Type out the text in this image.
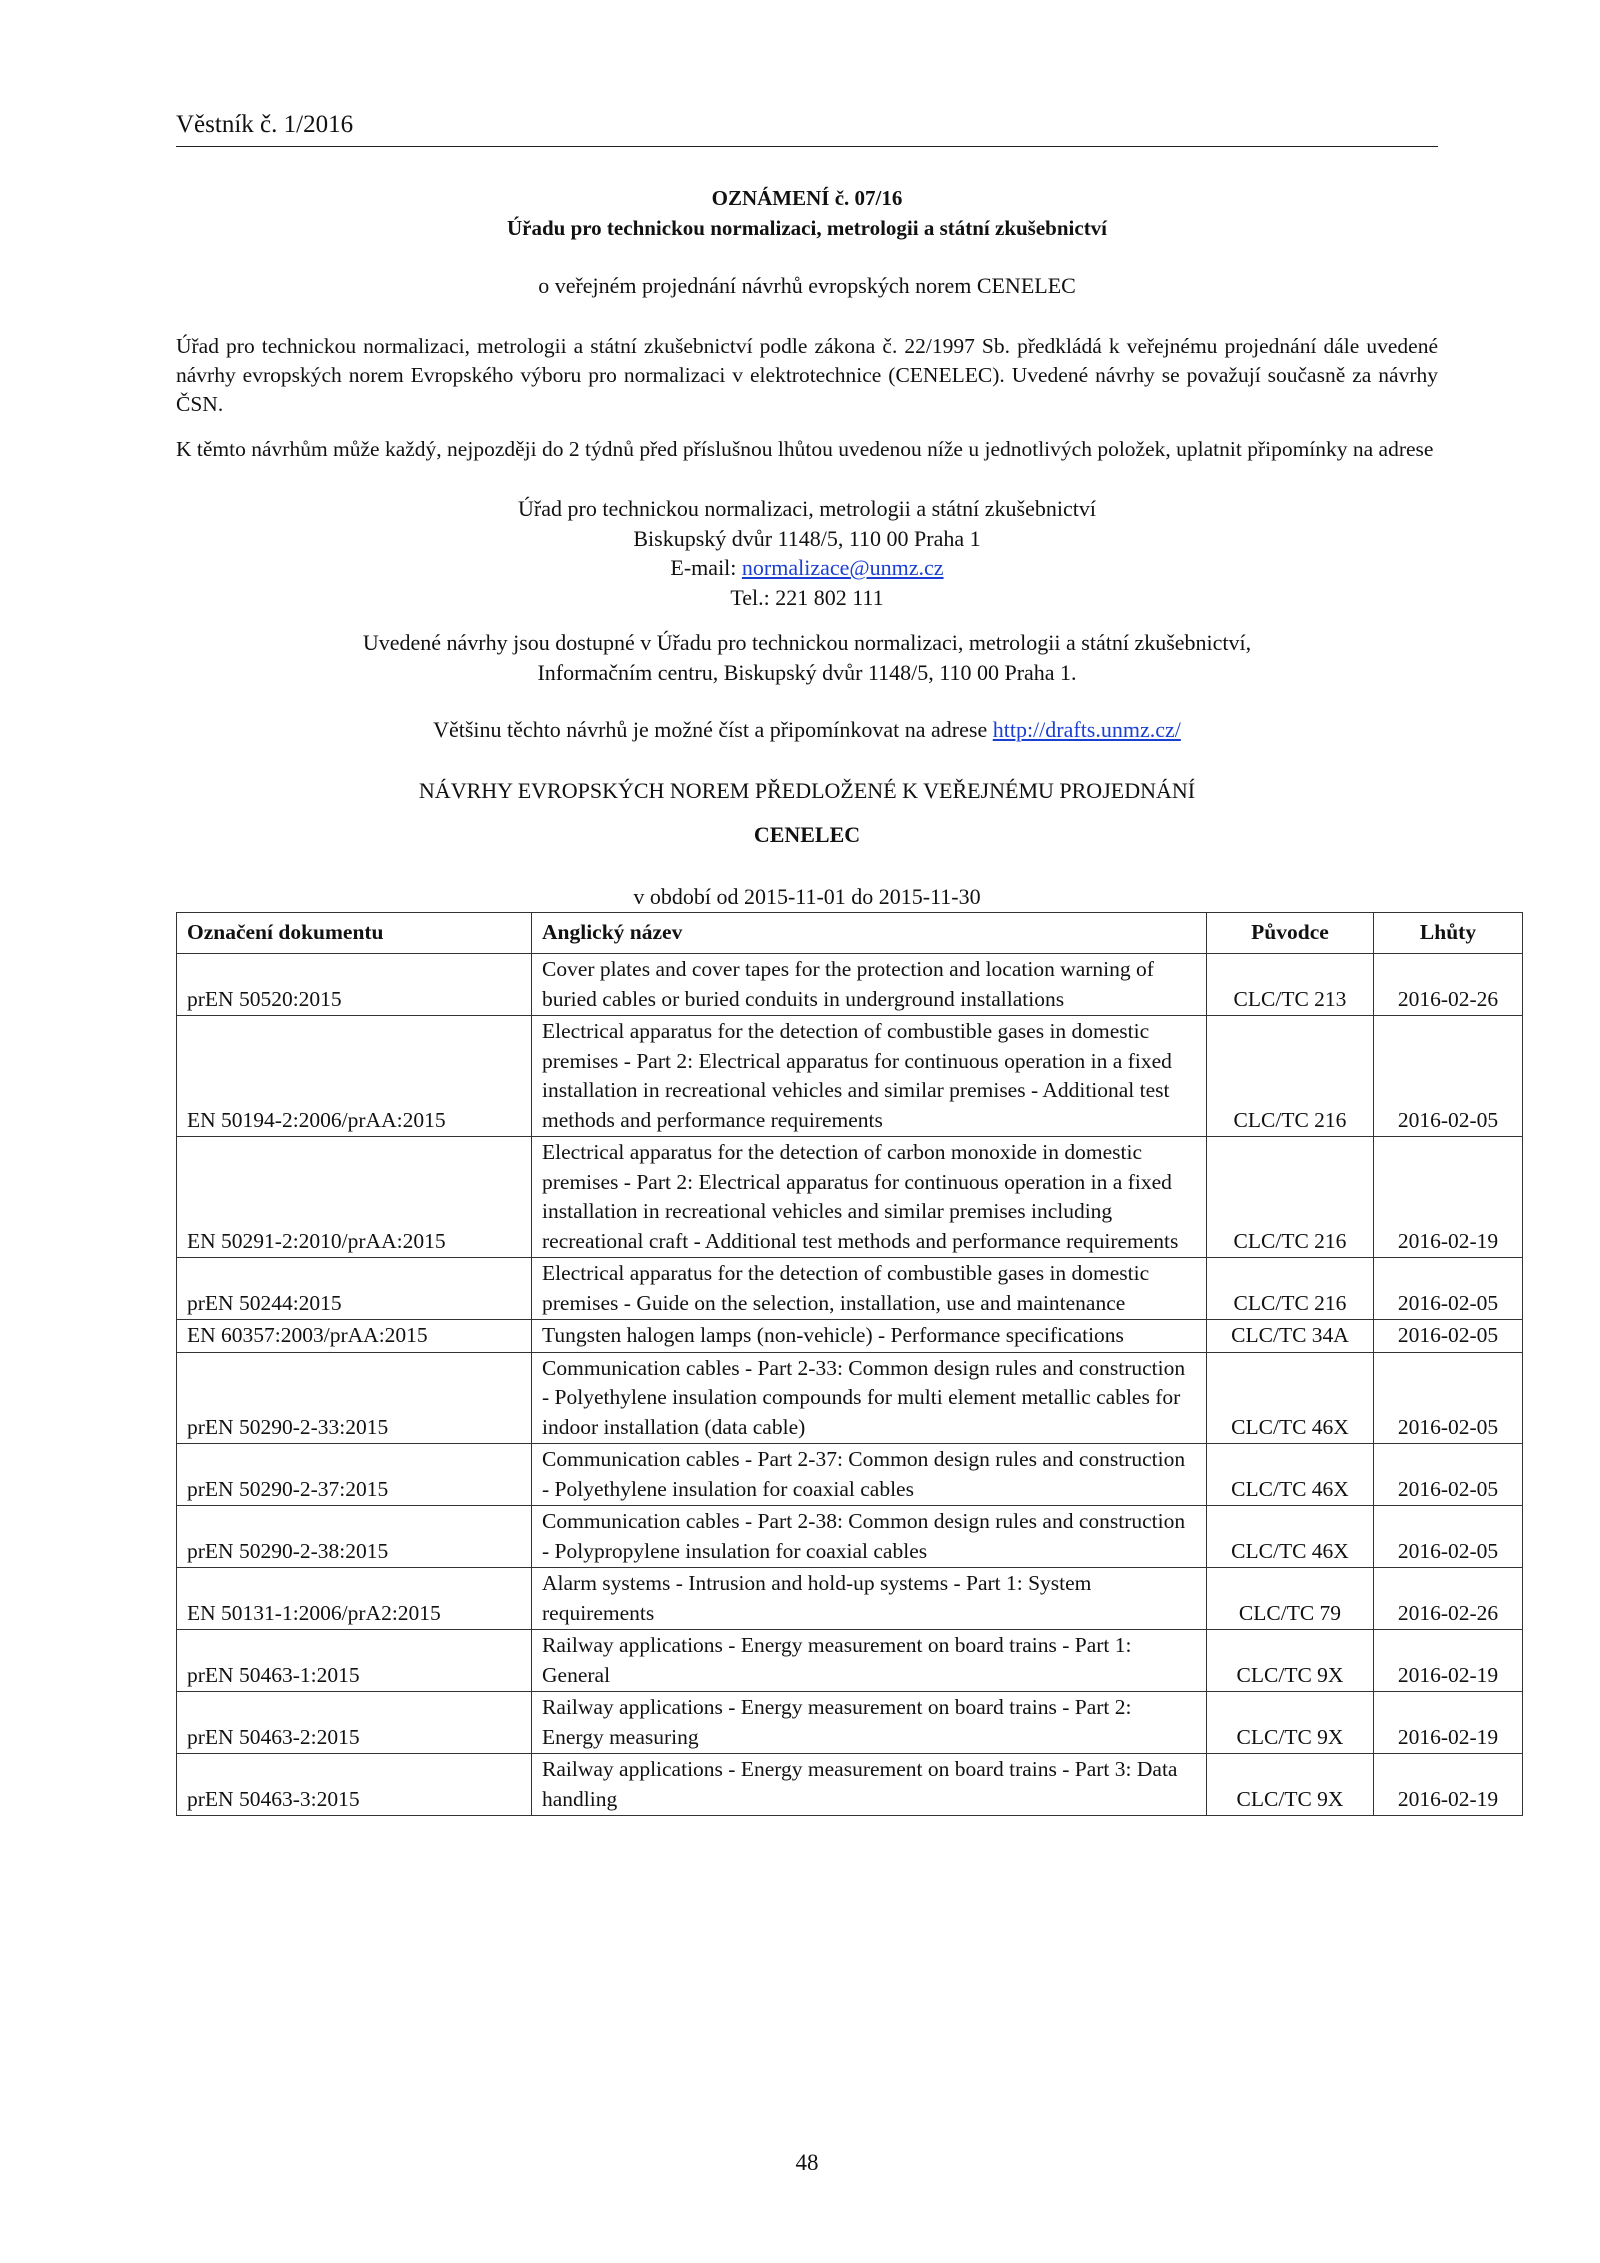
Věstník č. 1/2016
OZNÁMENÍ č. 07/16
Úřadu pro technickou normalizaci, metrologii a státní zkušebnictví
o veřejném projednání návrhů evropských norem CENELEC
Úřad pro technickou normalizaci, metrologii a státní zkušebnictví podle zákona č. 22/1997 Sb. předkládá k veřejnému projednání dále uvedené návrhy evropských norem Evropského výboru pro normalizaci v elektrotechnice (CENELEC). Uvedené návrhy se považují současně za návrhy ČSN.
K těmto návrhům může každý, nejpozději do 2 týdnů před příslušnou lhůtou uvedenou níže u jednotlivých položek, uplatnit připomínky na adrese
Úřad pro technickou normalizaci, metrologii a státní zkušebnictví
Biskupský dvůr 1148/5, 110 00 Praha 1
E-mail: normalizace@unmz.cz
Tel.: 221 802 111
Uvedené návrhy jsou dostupné v Úřadu pro technickou normalizaci, metrologii a státní zkušebnictví,
Informačním centru, Biskupský dvůr 1148/5, 110 00 Praha 1.
Většinu těchto návrhů je možné číst a připomínkovat na adrese http://drafts.unmz.cz/
NÁVRHY EVROPSKÝCH NOREM PŘEDLOŽENÉ K VEŘEJNÉMU PROJEDNÁNÍ
CENELEC
v období od 2015-11-01 do 2015-11-30
Označení dokumentu	Anglický název	Původce	Lhůty
prEN 50520:2015	Cover plates and cover tapes for the protection and location warning of buried cables or buried conduits in underground installations	CLC/TC 213	2016-02-26
EN 50194-2:2006/prAA:2015	Electrical apparatus for the detection of combustible gases in domestic premises - Part 2: Electrical apparatus for continuous operation in a fixed installation in recreational vehicles and similar premises - Additional test methods and performance requirements	CLC/TC 216	2016-02-05
EN 50291-2:2010/prAA:2015	Electrical apparatus for the detection of carbon monoxide in domestic premises - Part 2: Electrical apparatus for continuous operation in a fixed installation in recreational vehicles and similar premises including recreational craft - Additional test methods and performance requirements	CLC/TC 216	2016-02-19
prEN 50244:2015	Electrical apparatus for the detection of combustible gases in domestic premises - Guide on the selection, installation, use and maintenance	CLC/TC 216	2016-02-05
EN 60357:2003/prAA:2015	Tungsten halogen lamps (non-vehicle) - Performance specifications	CLC/TC 34A	2016-02-05
prEN 50290-2-33:2015	Communication cables - Part 2-33: Common design rules and construction - Polyethylene insulation compounds for multi element metallic cables for indoor installation (data cable)	CLC/TC 46X	2016-02-05
prEN 50290-2-37:2015	Communication cables - Part 2-37: Common design rules and construction - Polyethylene insulation for coaxial cables	CLC/TC 46X	2016-02-05
prEN 50290-2-38:2015	Communication cables - Part 2-38: Common design rules and construction - Polypropylene insulation for coaxial cables	CLC/TC 46X	2016-02-05
EN 50131-1:2006/prA2:2015	Alarm systems - Intrusion and hold-up systems - Part 1: System requirements	CLC/TC 79	2016-02-26
prEN 50463-1:2015	Railway applications - Energy measurement on board trains - Part 1: General	CLC/TC 9X	2016-02-19
prEN 50463-2:2015	Railway applications - Energy measurement on board trains - Part 2: Energy measuring	CLC/TC 9X	2016-02-19
prEN 50463-3:2015	Railway applications - Energy measurement on board trains - Part 3: Data handling	CLC/TC 9X	2016-02-19
48
